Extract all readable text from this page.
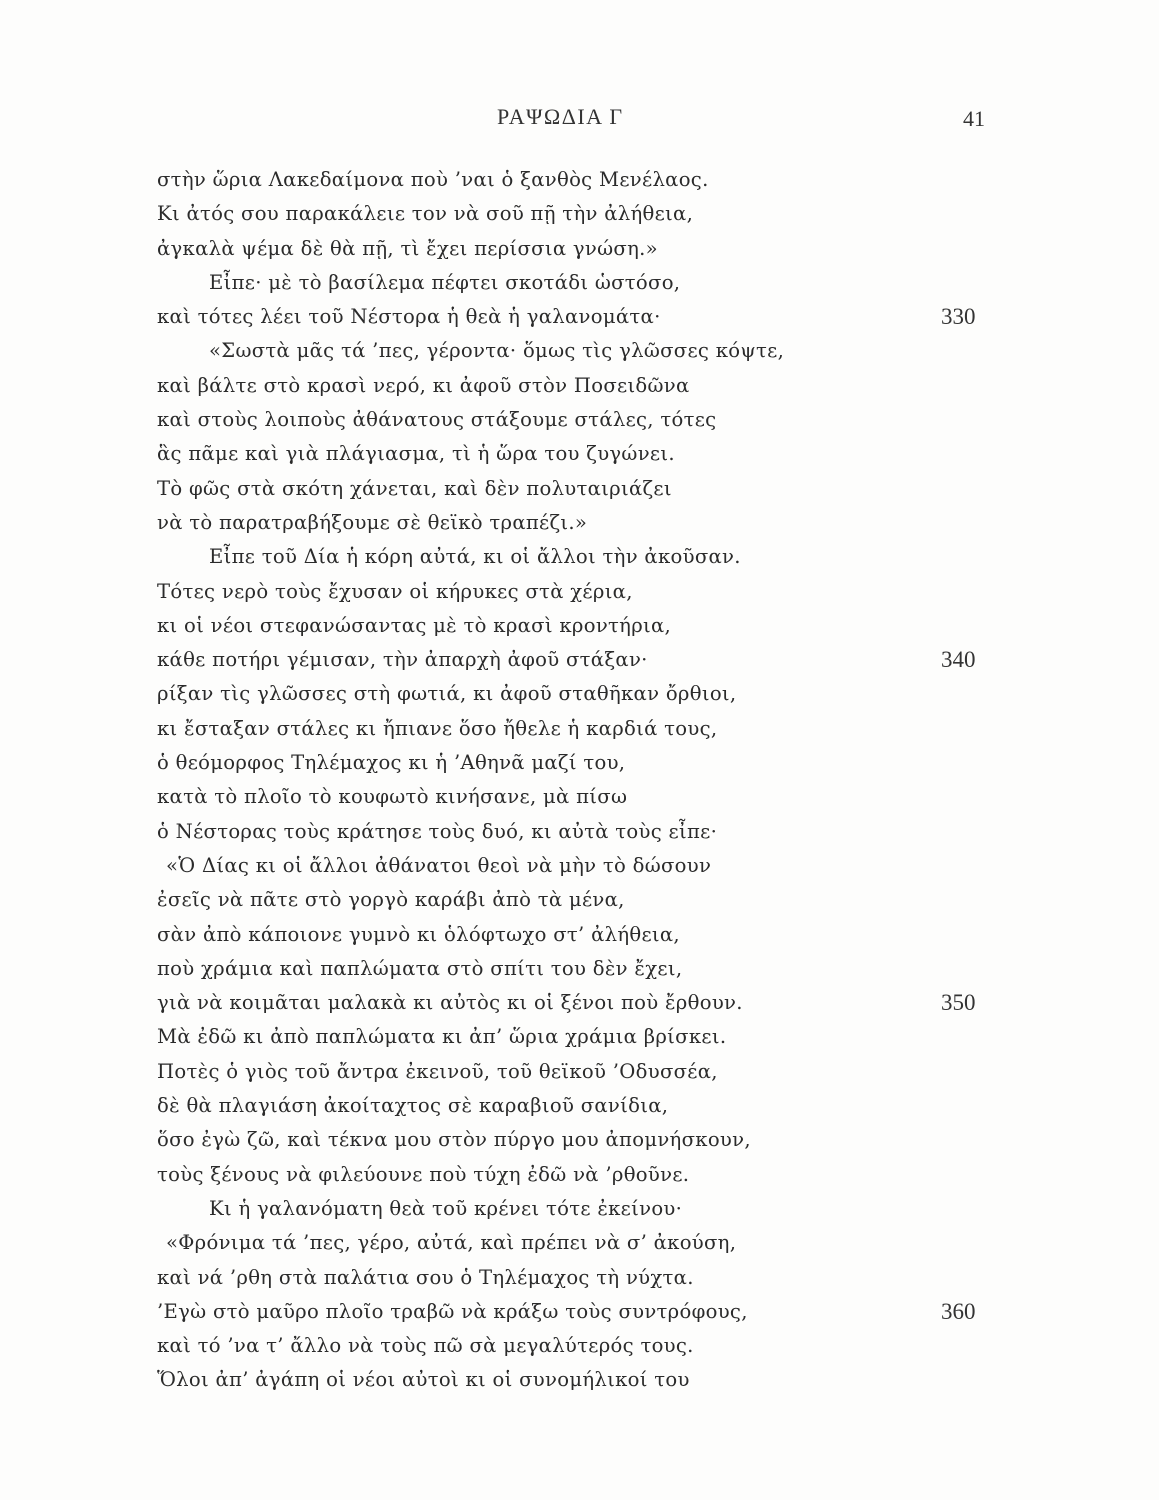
ΡΑΨΩΔΙΑ Γ	41
στὴν ὥρια Λακεδαίμονα ποὺ ’ναι ὁ ξανθὸς Μενέλαος.
Κι ἀτός σου παρακάλειε τον νὰ σοῦ πῇ τὴν ἀλήθεια,
ἀγκαλὰ ψέμα δὲ θὰ πῇ, τὶ ἔχει περίσσια γνώση.»
Εἶπε· μὲ τὸ βασίλεμα πέφτει σκοτάδι ὡστόσο,
καὶ τότες λέει τοῦ Νέστορα ἡ θεὰ ἡ γαλανομάτα·	330
«Σωστὰ μᾶς τά ’πες, γέροντα· ὅμως τὶς γλῶσσες κόψτε,
καὶ βάλτε στὸ κρασὶ νερό, κι ἀφοῦ στὸν Ποσειδῶνα
καὶ στοὺς λοιποὺς ἀθάνατους στάξουμε στάλες, τότες
ἃς πᾶμε καὶ γιὰ πλάγιασμα, τὶ ἡ ὥρα του ζυγώνει.
Τὸ φῶς στὰ σκότη χάνεται, καὶ δὲν πολυταιριάζει
νὰ τὸ παρατραβήξουμε σὲ θεϊκὸ τραπέζι.»
Εἶπε τοῦ Δία ἡ κόρη αὐτά, κι οἱ ἄλλοι τὴν ἀκοῦσαν.
Τότες νερὸ τοὺς ἔχυσαν οἱ κήρυκες στὰ χέρια,
κι οἱ νέοι στεφανώσαντας μὲ τὸ κρασὶ κροντήρια,
κάθε ποτήρι γέμισαν, τὴν ἀπαρχὴ ἀφοῦ στάξαν·	340
ρίξαν τὶς γλῶσσες στὴ φωτιά, κι ἀφοῦ σταθῆκαν ὄρθιοι,
κι ἔσταξαν στάλες κι ἤπιανε ὅσο ἤθελε ἡ καρδιά τους,
ὁ θεόμορφος Τηλέμαχος κι ἡ ’Αθηνᾶ μαζί του,
κατὰ τὸ πλοῖο τὸ κουφωτὸ κινήσανε, μὰ πίσω
ὁ Νέστορας τοὺς κράτησε τοὺς δυό, κι αὐτὰ τοὺς εἶπε·
«Ὁ Δίας κι οἱ ἄλλοι ἀθάνατοι θεοὶ νὰ μὴν τὸ δώσουν
ἐσεῖς νὰ πᾶτε στὸ γοργὸ καράβι ἀπὸ τὰ μένα,
σὰν ἀπὸ κάποιονε γυμνὸ κι ὁλόφτωχο στ’ ἀλήθεια,
ποὺ χράμια καὶ παπλώματα στὸ σπίτι του δὲν ἔχει,
γιὰ νὰ κοιμᾶται μαλακὰ κι αὐτὸς κι οἱ ξένοι ποὺ ἔρθουν.	350
Μὰ ἐδῶ κι ἀπὸ παπλώματα κι ἀπ’ ὥρια χράμια βρίσκει.
Ποτὲς ὁ γιὸς τοῦ ἄντρα ἐκεινοῦ, τοῦ θεϊκοῦ ’Οδυσσέα,
δὲ θὰ πλαγιάση ἀκοίταχτος σὲ καραβιοῦ σανίδια,
ὅσο ἐγὼ ζῶ, καὶ τέκνα μου στὸν πύργο μου ἀπομνήσκουν,
τοὺς ξένους νὰ φιλεύουνε ποὺ τύχη ἐδῶ νὰ ’ρθοῦνε.
Κι ἡ γαλανόματη θεὰ τοῦ κρένει τότε ἐκείνου·
«Φρόνιμα τά ’πες, γέρο, αὐτά, καὶ πρέπει νὰ σ’ ἀκούση,
καὶ νά ’ρθη στὰ παλάτια σου ὁ Τηλέμαχος τὴ νύχτα.
’Εγὼ στὸ μαῦρο πλοῖο τραβῶ νὰ κράξω τοὺς συντρόφους,	360
καὶ τό ’να τ’ ἄλλο νὰ τοὺς πῶ σὰ μεγαλύτερός τους.
Ὅλοι ἀπ’ ἀγάπη οἱ νέοι αὐτοὶ κι οἱ συνομήλικοί του
